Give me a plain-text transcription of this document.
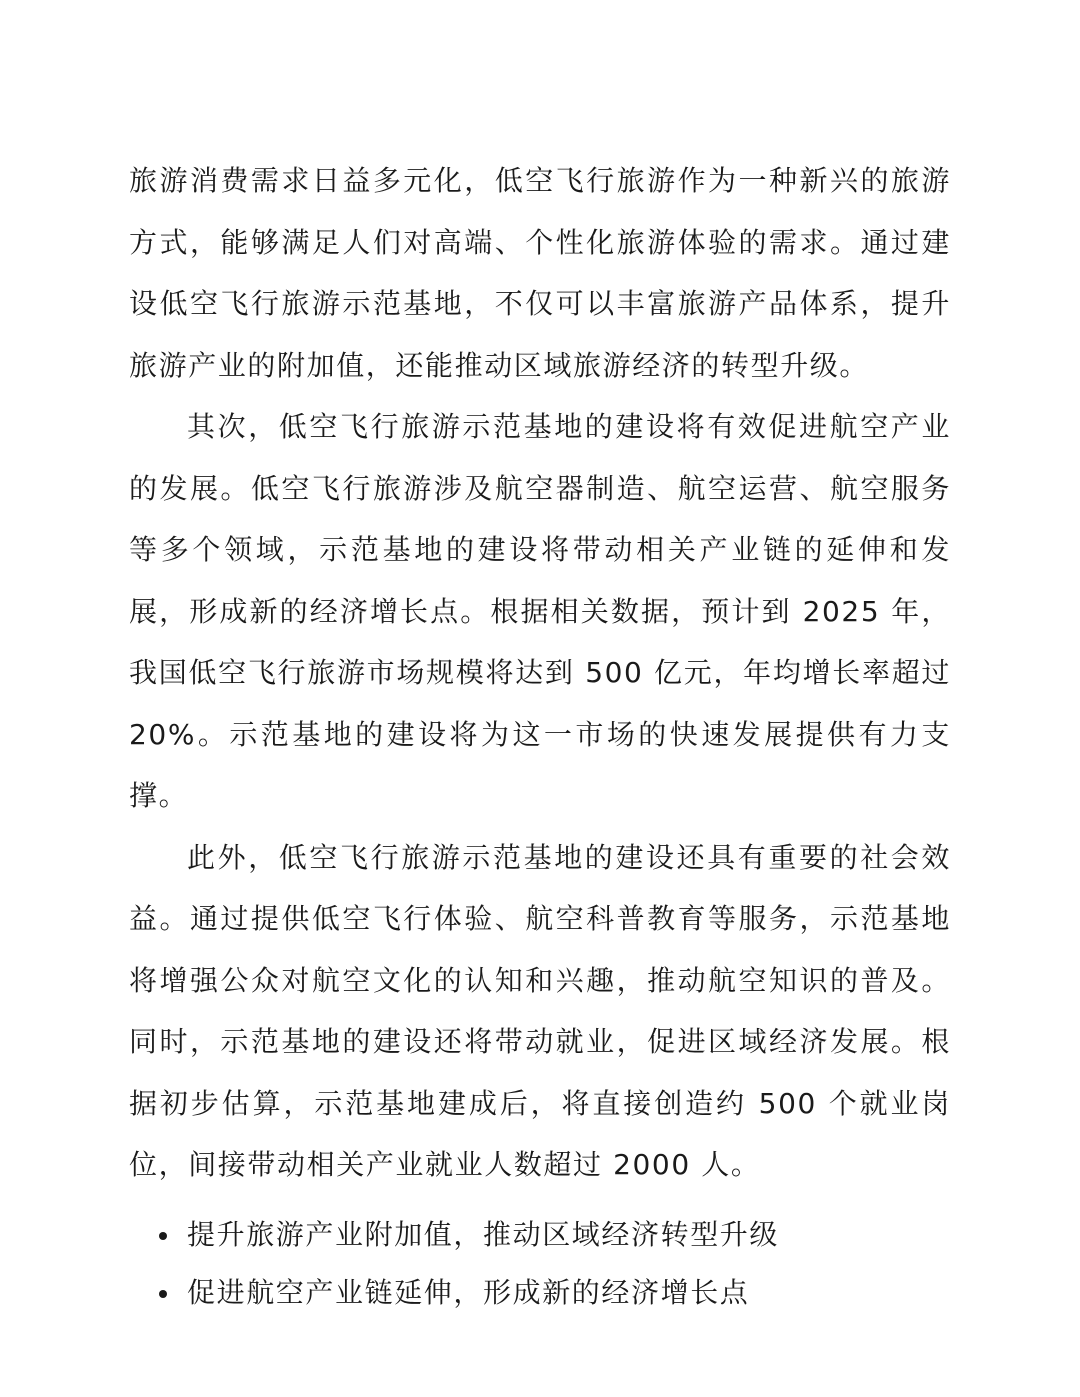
旅游消费需求日益多元化，低空飞行旅游作为一种新兴的旅游方式，能够满足人们对高端、个性化旅游体验的需求。通过建设低空飞行旅游示范基地，不仅可以丰富旅游产品体系，提升旅游产业的附加值，还能推动区域旅游经济的转型升级。

其次，低空飞行旅游示范基地的建设将有效促进航空产业的发展。低空飞行旅游涉及航空器制造、航空运营、航空服务等多个领域，示范基地的建设将带动相关产业链的延伸和发展，形成新的经济增长点。根据相关数据，预计到 2025 年，我国低空飞行旅游市场规模将达到 500 亿元，年均增长率超过 20%。示范基地的建设将为这一市场的快速发展提供有力支撑。

此外，低空飞行旅游示范基地的建设还具有重要的社会效益。通过提供低空飞行体验、航空科普教育等服务，示范基地将增强公众对航空文化的认知和兴趣，推动航空知识的普及。同时，示范基地的建设还将带动就业，促进区域经济发展。根据初步估算，示范基地建成后，将直接创造约 500 个就业岗位，间接带动相关产业就业人数超过 2000 人。

提升旅游产业附加值，推动区域经济转型升级
促进航空产业链延伸，形成新的经济增长点
